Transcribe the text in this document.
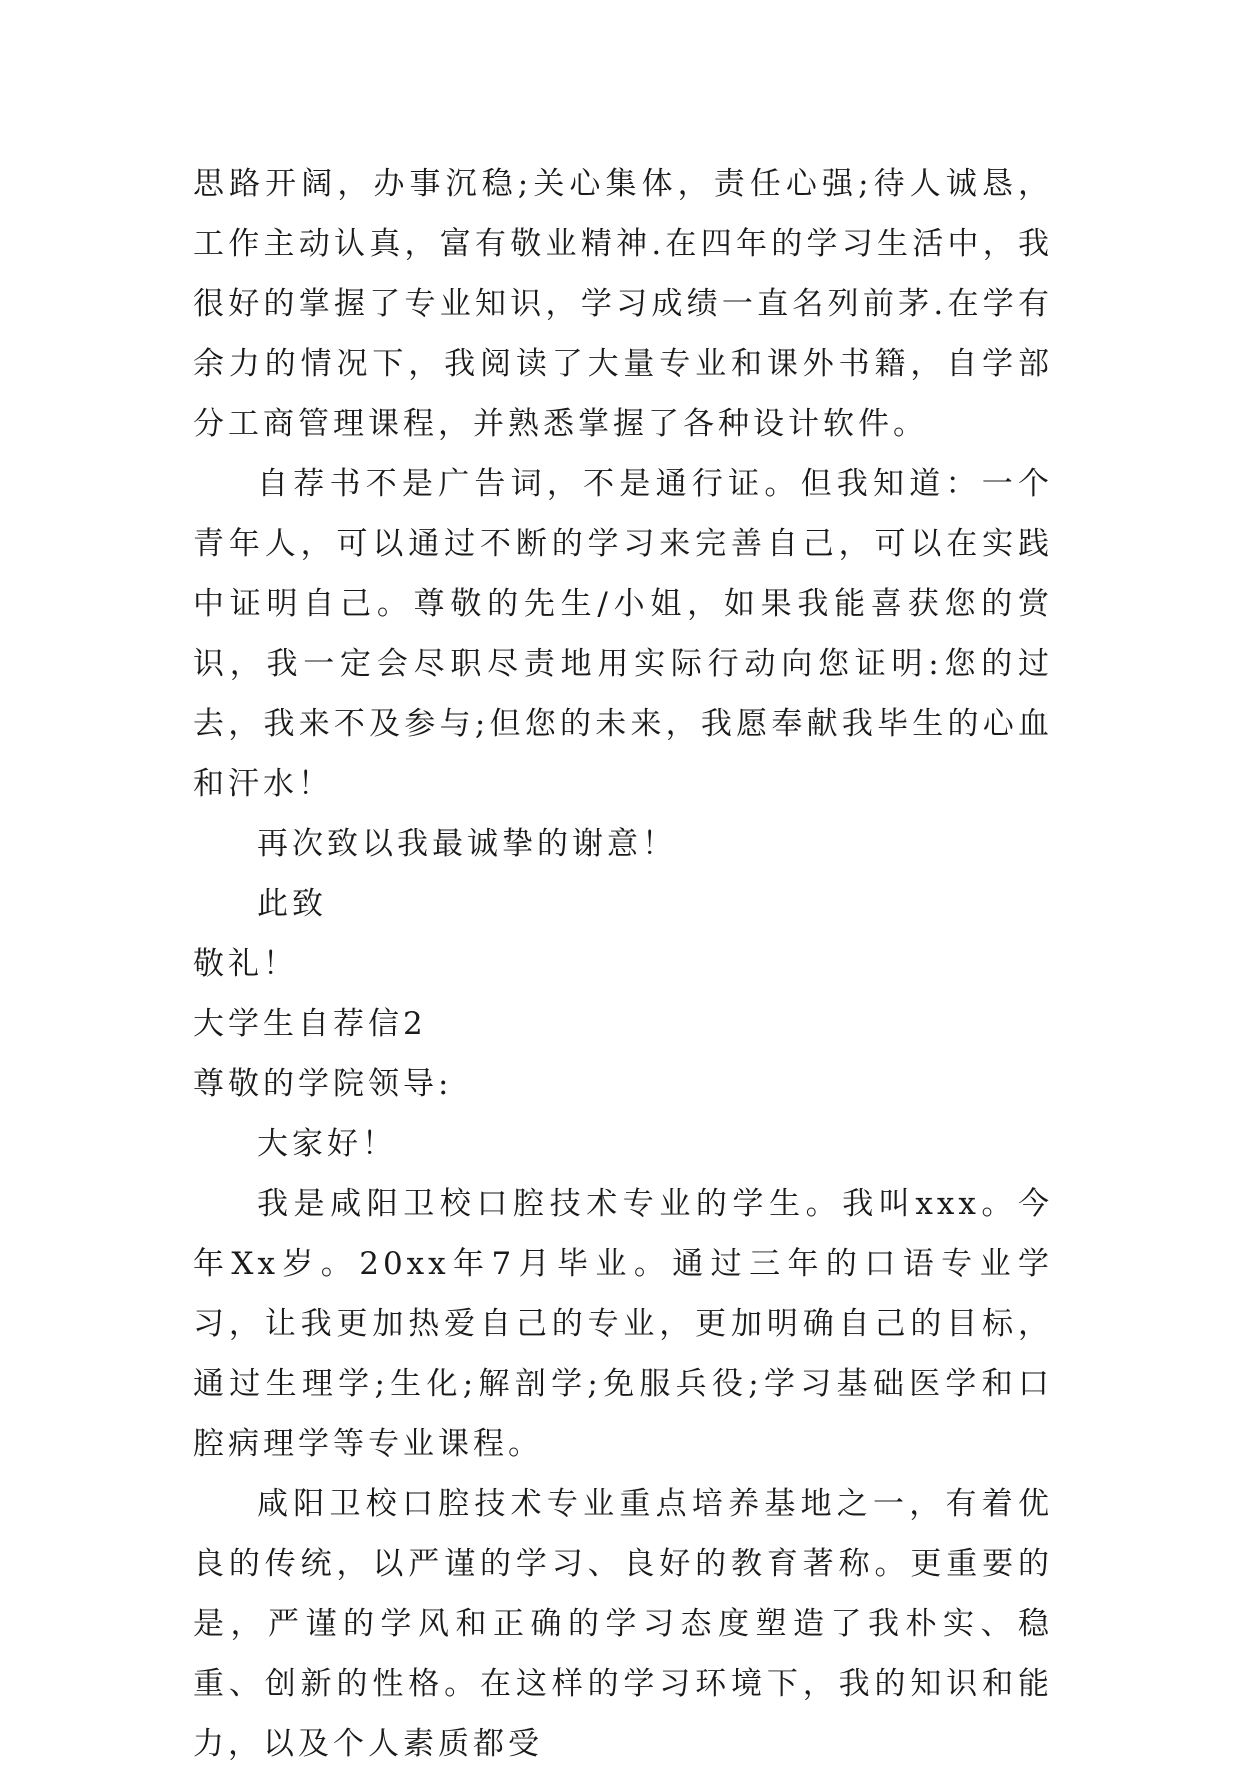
思路开阔，办事沉稳;关心集体，责任心强;待人诚恳，工作主动认真，富有敬业精神.在四年的学习生活中，我很好的掌握了专业知识，学习成绩一直名列前茅.在学有余力的情况下，我阅读了大量专业和课外书籍，自学部分工商管理课程，并熟悉掌握了各种设计软件。

自荐书不是广告词，不是通行证。但我知道：一个青年人，可以通过不断的学习来完善自己，可以在实践中证明自己。尊敬的先生/小姐，如果我能喜获您的赏识，我一定会尽职尽责地用实际行动向您证明:您的过去，我来不及参与;但您的未来，我愿奉献我毕生的心血和汗水！

再次致以我最诚挚的谢意！

此致

敬礼！

大学生自荐信2

尊敬的学院领导:

大家好！

我是咸阳卫校口腔技术专业的学生。我叫xxx。今年Xx岁。20xx年7月毕业。通过三年的口语专业学习，让我更加热爱自己的专业，更加明确自己的目标，通过生理学;生化;解剖学;免服兵役;学习基础医学和口腔病理学等专业课程。

咸阳卫校口腔技术专业重点培养基地之一，有着优良的传统，以严谨的学习、良好的教育著称。更重要的是，严谨的学风和正确的学习态度塑造了我朴实、稳重、创新的性格。在这样的学习环境下，我的知识和能力，以及个人素质都受
